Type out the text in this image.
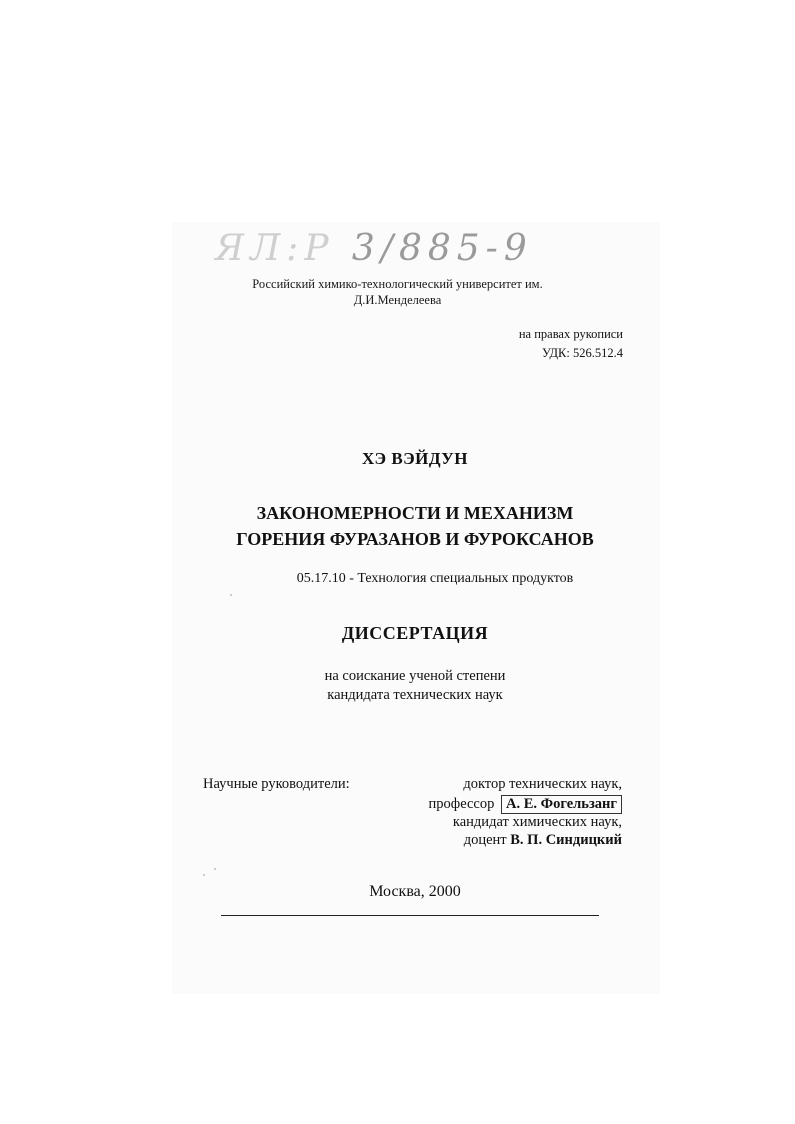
ЯЛ:Р 3/885-9
Российский химико-технологический университет им.
Д.И.Менделеева
на правах рукописи
УДК: 526.512.4
ХЭ ВЭЙДУН
ЗАКОНОМЕРНОСТИ И МЕХАНИЗМ
ГОРЕНИЯ ФУРАЗАНОВ И ФУРОКСАНОВ
05.17.10 - Технология специальных продуктов
ДИССЕРТАЦИЯ
на соискание ученой степени
кандидата технических наук
Научные руководители:	доктор технических наук,
профессор А. Е. Фогельзанг
кандидат химических наук,
доцент В. П. Синдицкий
Москва, 2000
